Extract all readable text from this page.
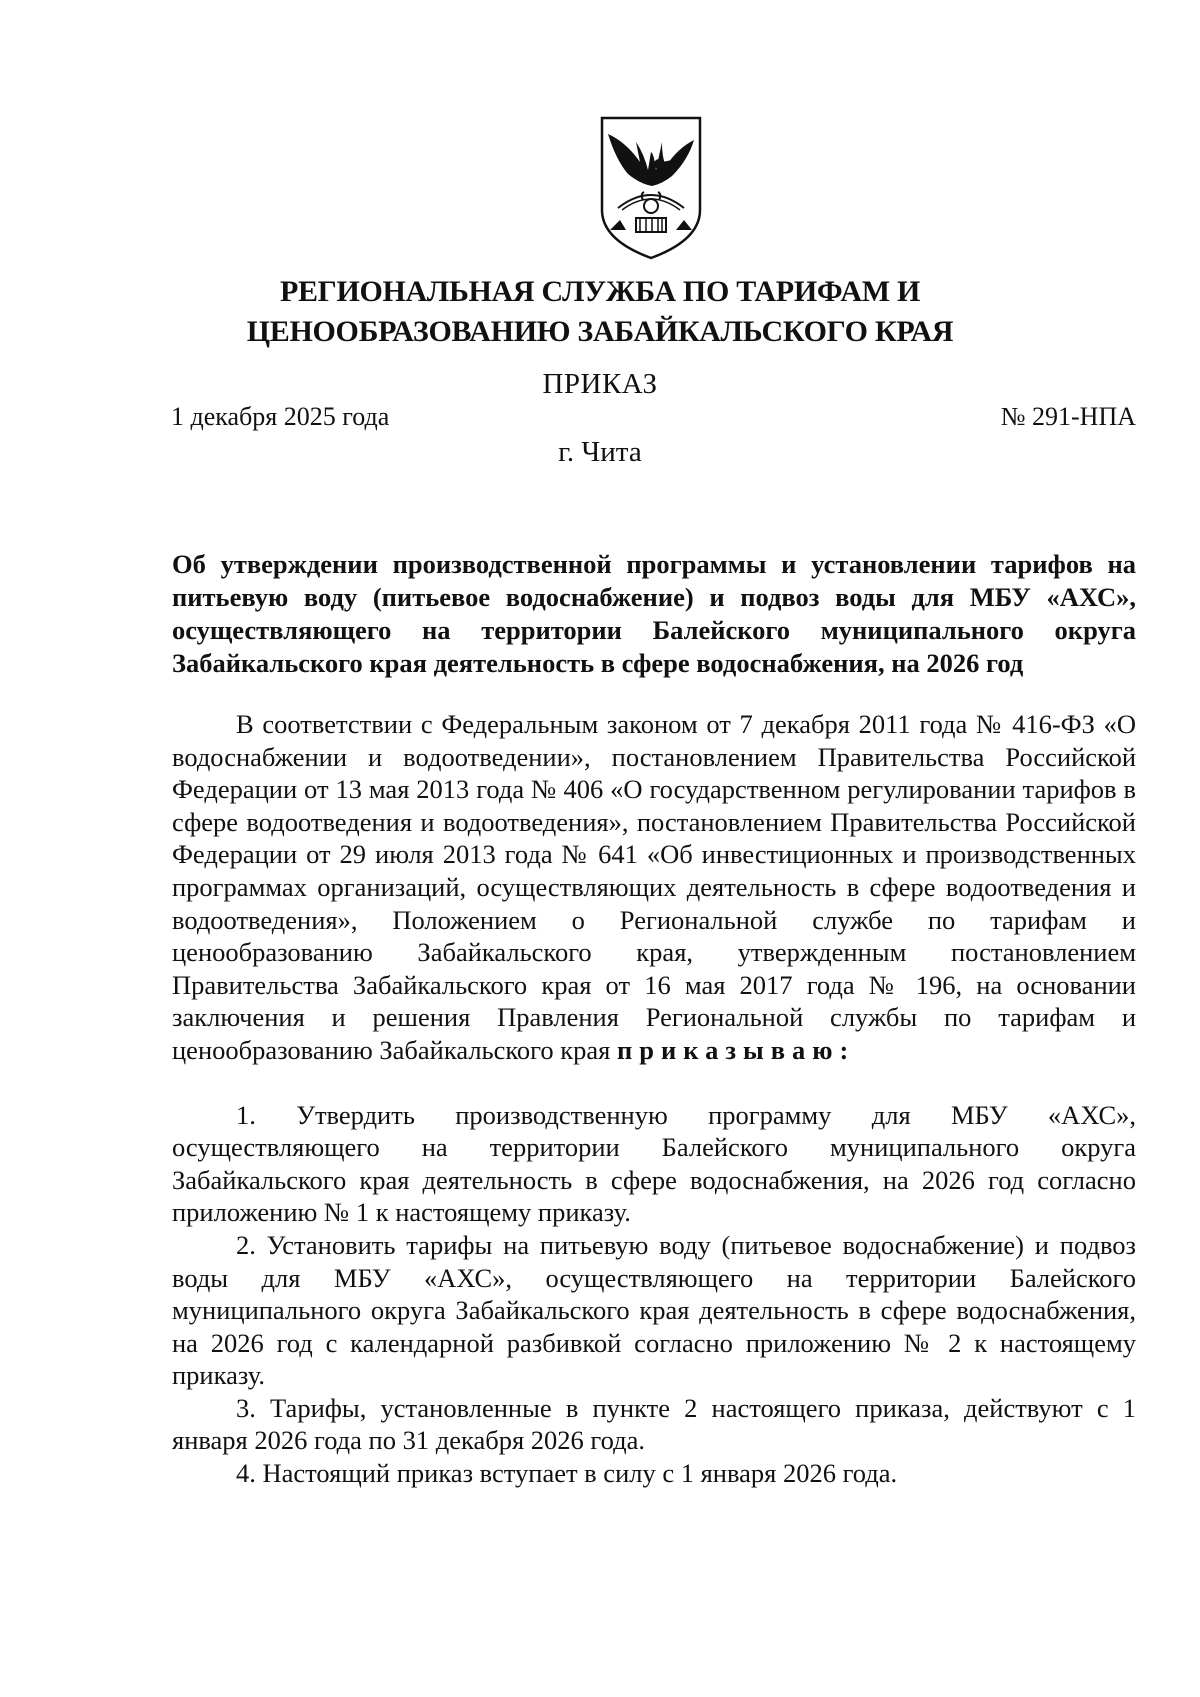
РЕГИОНАЛЬНАЯ СЛУЖБА ПО ТАРИФАМ И
ЦЕНООБРАЗОВАНИЮ ЗАБАЙКАЛЬСКОГО КРАЯ
ПРИКАЗ
1 декабря 2025 года	№ 291-НПА
г. Чита
Об утверждении производственной программы и установлении тарифов на питьевую воду (питьевое водоснабжение) и подвоз воды для МБУ «АХС», осуществляющего на территории Балейского муниципального округа Забайкальского края деятельность в сфере водоснабжения, на 2026 год

В соответствии с Федеральным законом от 7 декабря 2011 года № 416-ФЗ «О водоснабжении и водоотведении», постановлением Правительства Российской Федерации от 13 мая 2013 года № 406 «О государственном регулировании тарифов в сфере водоотведения и водоотведения», постановлением Правительства Российской Федерации от 29 июля 2013 года № 641 «Об инвестиционных и производственных программах организаций, осуществляющих деятельность в сфере водоотведения и водоотведения», Положением о Региональной службе по тарифам и ценообразованию Забайкальского края, утвержденным постановлением Правительства Забайкальского края от 16 мая 2017 года № 196, на основании заключения и решения Правления Региональной службы по тарифам и ценообразованию Забайкальского края приказываю:

1. Утвердить производственную программу для МБУ «АХС», осуществляющего на территории Балейского муниципального округа Забайкальского края деятельность в сфере водоснабжения, на 2026 год согласно приложению № 1 к настоящему приказу.

2. Установить тарифы на питьевую воду (питьевое водоснабжение) и подвоз воды для МБУ «АХС», осуществляющего на территории Балейского муниципального округа Забайкальского края деятельность в сфере водоснабжения, на 2026 год с календарной разбивкой согласно приложению № 2 к настоящему приказу.

3. Тарифы, установленные в пункте 2 настоящего приказа, действуют с 1 января 2026 года по 31 декабря 2026 года.

4. Настоящий приказ вступает в силу с 1 января 2026 года.
